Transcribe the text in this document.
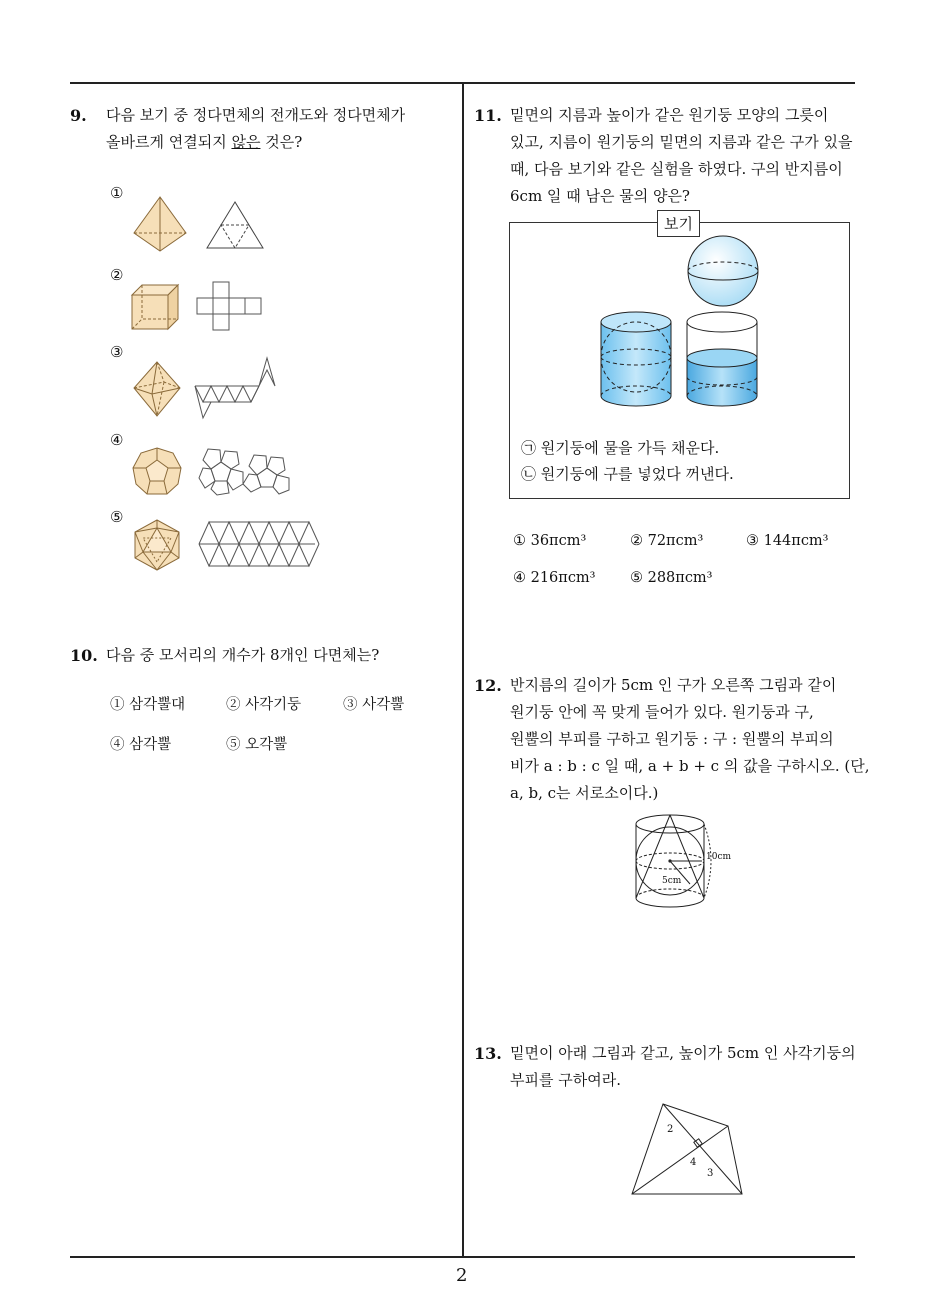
2
9. 다음 보기 중 정다면체의 전개도와 정다면체가
올바르게 연결되지 않은 것은?
①
②
③
④
⑤
10. 다음 중 모서리의 개수가 8개인 다면체는?
① 삼각뿔대	② 사각기둥	③ 사각뿔
④ 삼각뿔	⑤ 오각뿔
11. 밑면의 지름과 높이가 같은 원기둥 모양의 그릇이
있고, 지름이 원기둥의 밑면의 지름과 같은 구가 있을
때, 다음 보기와 같은 실험을 하였다. 구의 반지름이
6cm 일 때 남은 물의 양은?
보기
㉠ 원기둥에 물을 가득 채운다.
㉡ 원기둥에 구를 넣었다 꺼낸다.
① 36πcm³	② 72πcm³	③ 144πcm³
④ 216πcm³ ⑤ 288πcm³
12. 반지름의 길이가 5cm 인 구가 오른쪽 그림과 같이
원기둥 안에 꼭 맞게 들어가 있다. 원기둥과 구,
원뿔의 부피를 구하고 원기둥 : 구 : 원뿔의 부피의
비가 a : b : c 일 때, a + b + c 의 값을 구하시오. (단,
a, b, c는 서로소이다.)
10cm
5cm
13. 밑면이 아래 그림과 같고, 높이가 5cm 인 사각기둥의
부피를 구하여라.
2
4
3
